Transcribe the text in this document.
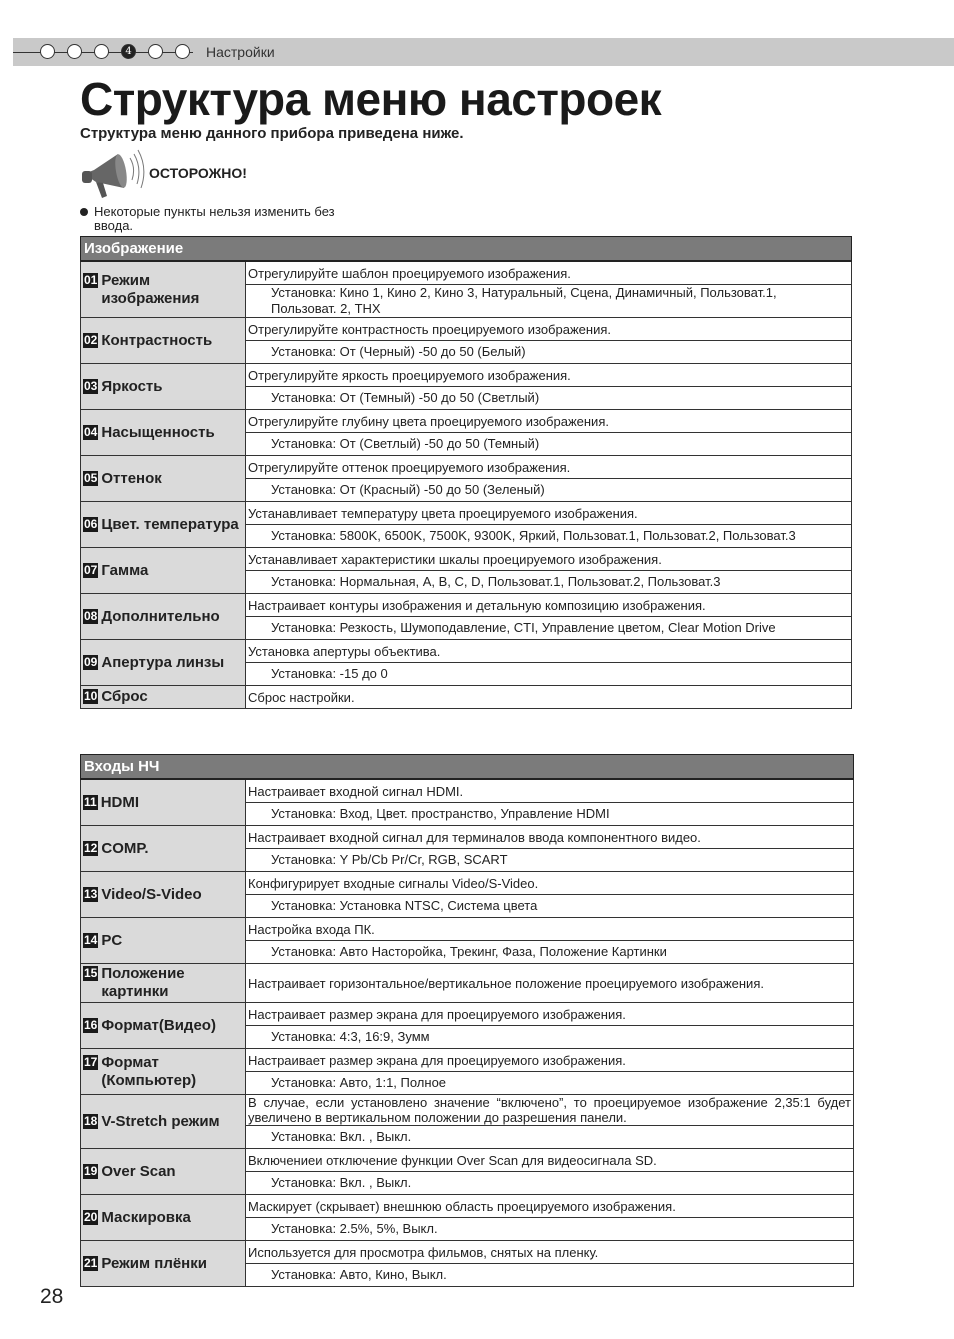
4	Настройки
Структура меню настроек
Структура меню данного прибора приведена ниже.
ОСТОРОЖНО!
Некоторые пункты нельзя изменить без ввода.
Изображение	
01 Режим изображения	Отрегулируйте шаблон проецируемого изображения.
	Установка: Кино 1, Кино 2, Кино 3, Натуральный, Сцена, Динамичный, Пользоват.1, Пользоват. 2, THX
02 Контрастность	Отрегулируйте контрастность проецируемого изображения.
	Установка: От (Черный) -50 до 50 (Белый)
03 Яркость	Отрегулируйте яркость проецируемого изображения.
	Установка: От (Темный) -50 до 50 (Светлый)
04 Насыщенность	Отрегулируйте глубину цвета проецируемого изображения.
	Установка: От (Светлый) -50 до 50 (Темный)
05 Оттенок	Отрегулируйте оттенок проецируемого изображения.
	Установка: От (Красный) -50 до 50 (Зеленый)
06 Цвет. температура	Устанавливает температуру цвета проецируемого изображения.
	Установка: 5800K, 6500K, 7500K, 9300K, Яркий, Пользоват.1, Пользоват.2, Пользоват.3
07 Гамма	Устанавливает характеристики шкалы проецируемого изображения.
	Установка: Нормальная, A, B, C, D, Пользоват.1, Пользоват.2, Пользоват.3
08 Дополнительно	Настраивает контуры изображения и детальную композицию изображения.
	Установка: Резкость, Шумоподавление, CTI, Управление цветом, Clear Motion Drive
09 Апертура линзы	Установка апертуры объектива.
	Установка: -15 до 0
10 Сброс	Сброс настройки.
Входы НЧ	
11 HDMI	Настраивает входной сигнал HDMI.
	Установка: Вход, Цвет. пространство, Управление HDMI
12 COMP.	Настраивает входной сигнал для терминалов ввода компонентного видео.
	Установка: Y Pb/Cb Pr/Cr, RGB, SCART
13 Video/S-Video	Конфигурирует входные сигналы Video/S-Video.
	Установка: Установка NTSC, Система цвета
14 PC	Настройка входа ПК.
	Установка: Авто Насторойка, Трекинг, Фаза, Положение Картинки
15 Положение картинки	Настраивает горизонтальное/вертикальное положение проецируемого изображения.
16 Формат(Видео)	Настраивает размер экрана для проецируемого изображения.
	Установка: 4:3, 16:9, Зумм
17 Формат (Компьютер)	Настраивает размер экрана для проецируемого изображения.
	Установка: Авто, 1:1, Полное
18 V-Stretch режим	В случае, если установлено значение “включено”, то проецируемое изображение 2,35:1 будет увеличено в вертикальном положении до разрешения панели.
	Установка: Вкл. , Выкл.
19 Over Scan	Включениеи отключение функции Over Scan для видеосигнала SD.
	Установка: Вкл. , Выкл.
20 Маскировка	Маскирует (скрывает) внешнюю область проецируемого изображения.
	Установка: 2.5%, 5%, Выкл.
21 Режим плёнки	Используется для просмотра фильмов, снятых на пленку.
	Установка: Авто, Кино, Выкл.
28
